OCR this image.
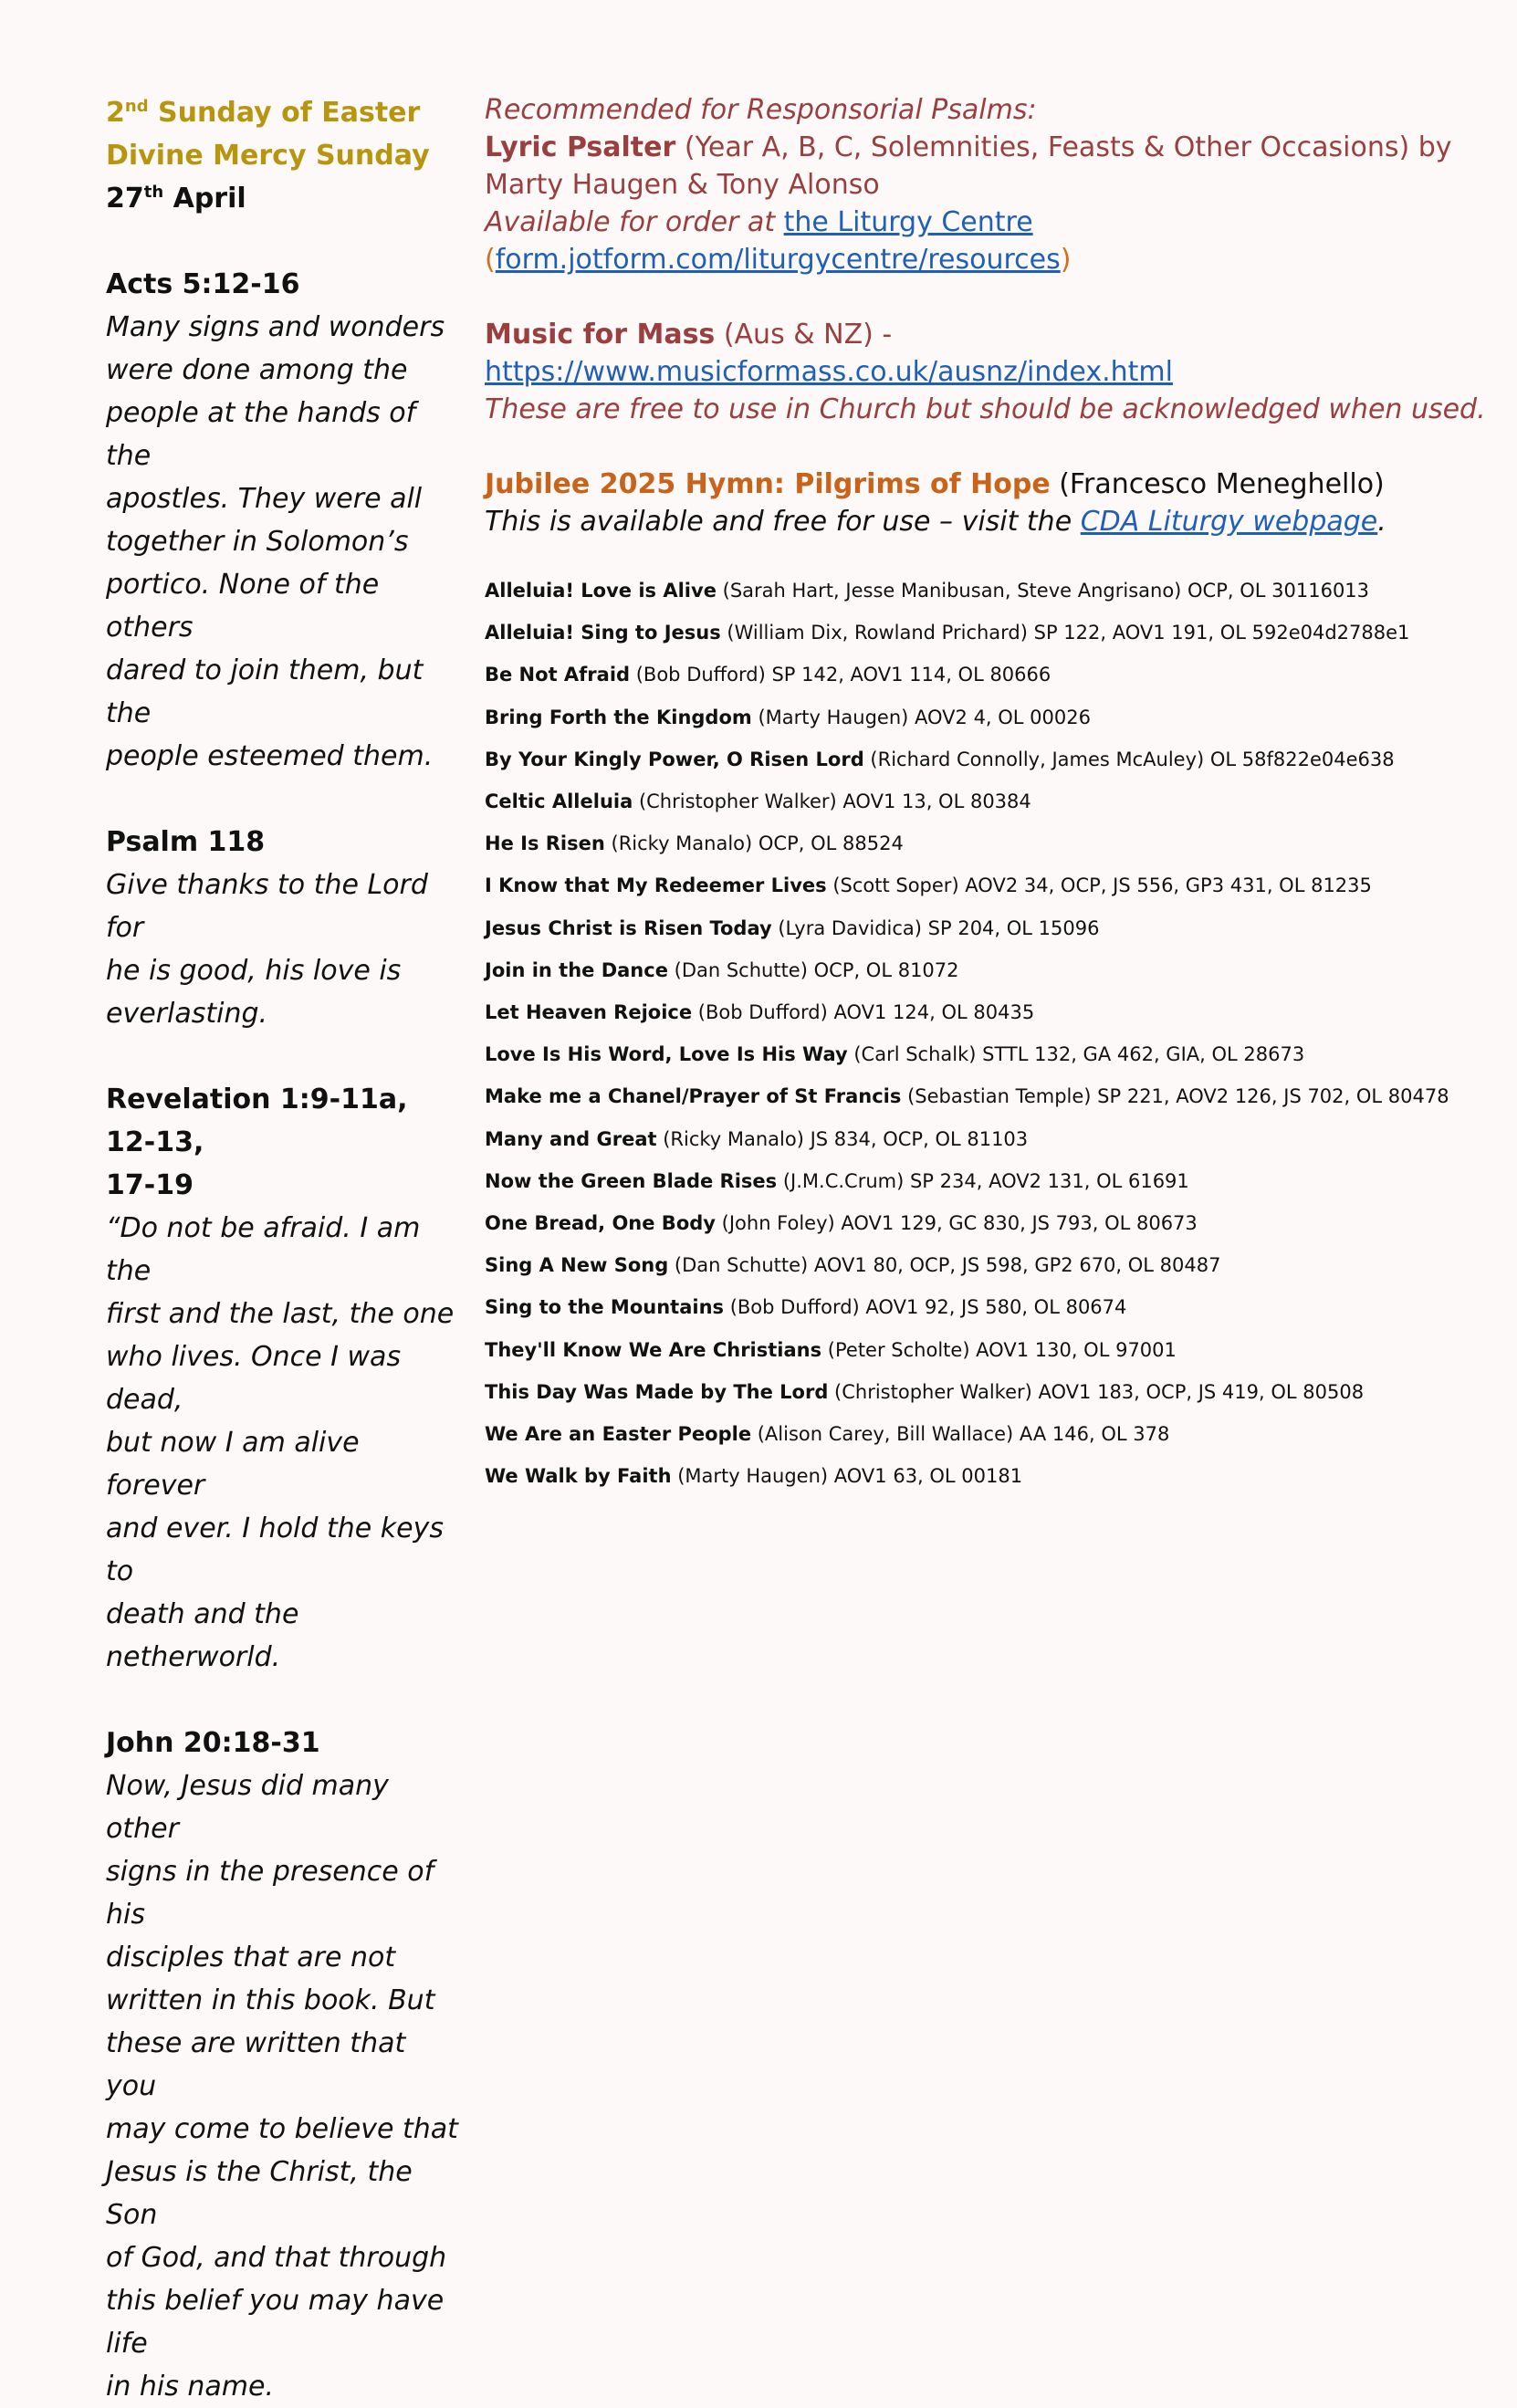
2nd Sunday of Easter
Divine Mercy Sunday
27th April
Acts 5:12-16
Many signs and wonders
were done among the
people at the hands of the
apostles. They were all
together in Solomon’s
portico. None of the others
dared to join them, but the
people esteemed them.
Psalm 118
Give thanks to the Lord for
he is good, his love is
everlasting.
Revelation 1:9-11a, 12-13,
17-19
“Do not be afraid. I am the
first and the last, the one
who lives. Once I was dead,
but now I am alive forever
and ever. I hold the keys to
death and the netherworld.
John 20:18-31
Now, Jesus did many other
signs in the presence of his
disciples that are not
written in this book. But
these are written that you
may come to believe that
Jesus is the Christ, the Son
of God, and that through
this belief you may have life
in his name.
Recommended for Responsorial Psalms:
Lyric Psalter (Year A, B, C, Solemnities, Feasts & Other Occasions) by
Marty Haugen & Tony Alonso
Available for order at the Liturgy Centre
(form.jotform.com/liturgycentre/resources)
Music for Mass (Aus & NZ) -
https://www.musicformass.co.uk/ausnz/index.html
These are free to use in Church but should be acknowledged when used.
Jubilee 2025 Hymn: Pilgrims of Hope (Francesco Meneghello)
This is available and free for use – visit the CDA Liturgy webpage.
Alleluia! Love is Alive (Sarah Hart, Jesse Manibusan, Steve Angrisano) OCP, OL 30116013
Alleluia! Sing to Jesus (William Dix, Rowland Prichard) SP 122, AOV1 191, OL 592e04d2788e1
Be Not Afraid (Bob Dufford) SP 142, AOV1 114, OL 80666
Bring Forth the Kingdom (Marty Haugen) AOV2 4, OL 00026
By Your Kingly Power, O Risen Lord (Richard Connolly, James McAuley) OL 58f822e04e638
Celtic Alleluia (Christopher Walker) AOV1 13, OL 80384
He Is Risen (Ricky Manalo) OCP, OL 88524
I Know that My Redeemer Lives (Scott Soper) AOV2 34, OCP, JS 556, GP3 431, OL 81235
Jesus Christ is Risen Today (Lyra Davidica) SP 204, OL 15096
Join in the Dance (Dan Schutte) OCP, OL 81072
Let Heaven Rejoice (Bob Dufford) AOV1 124, OL 80435
Love Is His Word, Love Is His Way (Carl Schalk) STTL 132, GA 462, GIA, OL 28673
Make me a Chanel/Prayer of St Francis (Sebastian Temple) SP 221, AOV2 126, JS 702, OL 80478
Many and Great (Ricky Manalo) JS 834, OCP, OL 81103
Now the Green Blade Rises (J.M.C.Crum) SP 234, AOV2 131, OL 61691
One Bread, One Body (John Foley) AOV1 129, GC 830, JS 793, OL 80673
Sing A New Song (Dan Schutte) AOV1 80, OCP, JS 598, GP2 670, OL 80487
Sing to the Mountains (Bob Dufford) AOV1 92, JS 580, OL 80674
They'll Know We Are Christians (Peter Scholte) AOV1 130, OL 97001
This Day Was Made by The Lord (Christopher Walker) AOV1 183, OCP, JS 419, OL 80508
We Are an Easter People (Alison Carey, Bill Wallace) AA 146, OL 378
We Walk by Faith (Marty Haugen) AOV1 63, OL 00181
